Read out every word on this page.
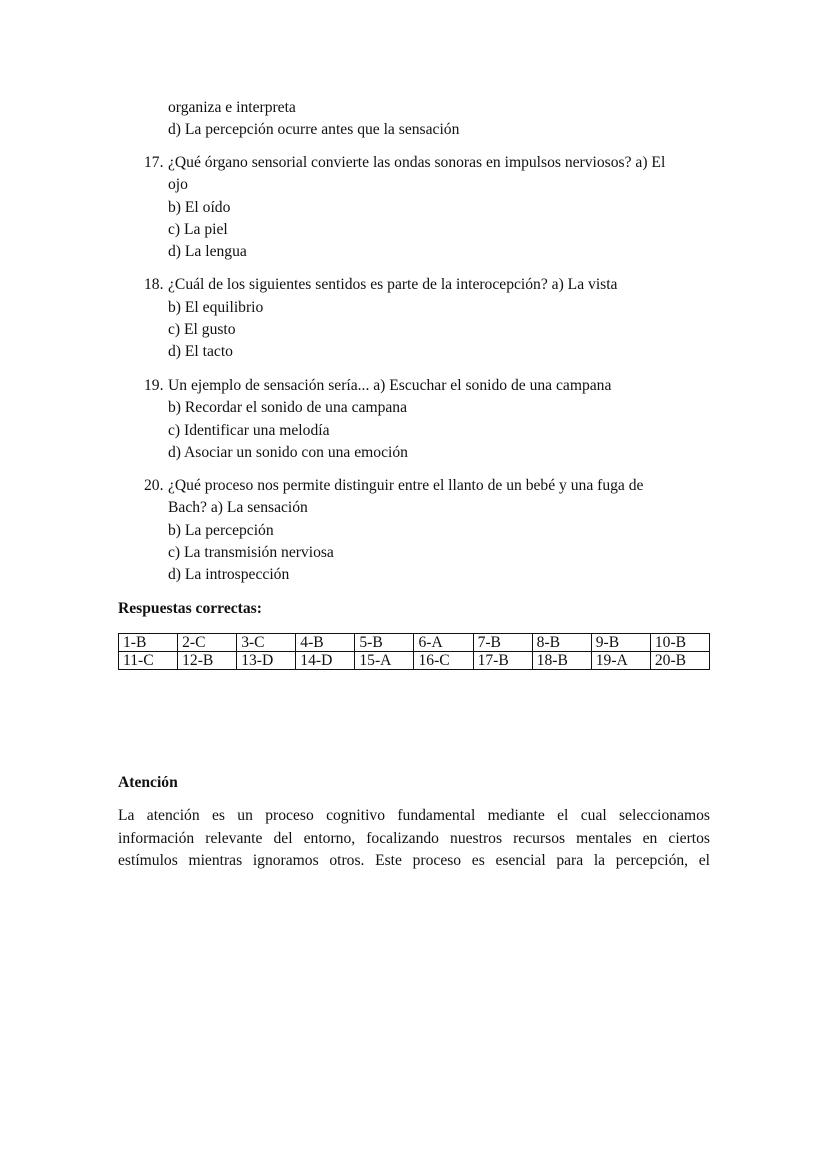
organiza e interpreta
d) La percepción ocurre antes que la sensación
17. ¿Qué órgano sensorial convierte las ondas sonoras en impulsos nerviosos? a) El
ojo
b) El oído
c) La piel
d) La lengua
18. ¿Cuál de los siguientes sentidos es parte de la interocepción? a) La vista
b) El equilibrio
c) El gusto
d) El tacto
19. Un ejemplo de sensación sería... a) Escuchar el sonido de una campana
b) Recordar el sonido de una campana
c) Identificar una melodía
d) Asociar un sonido con una emoción
20. ¿Qué proceso nos permite distinguir entre el llanto de un bebé y una fuga de
Bach? a) La sensación
b) La percepción
c) La transmisión nerviosa
d) La introspección
Respuestas correctas:
1-B	2-C	3-C	4-B	5-B	6-A	7-B	8-B	9-B	10-B
11-C	12-B	13-D	14-D	15-A	16-C	17-B	18-B	19-A	20-B
Atención
La atención es un proceso cognitivo fundamental mediante el cual seleccionamos
información relevante del entorno, focalizando nuestros recursos mentales en ciertos
estímulos mientras ignoramos otros. Este proceso es esencial para la percepción, el
